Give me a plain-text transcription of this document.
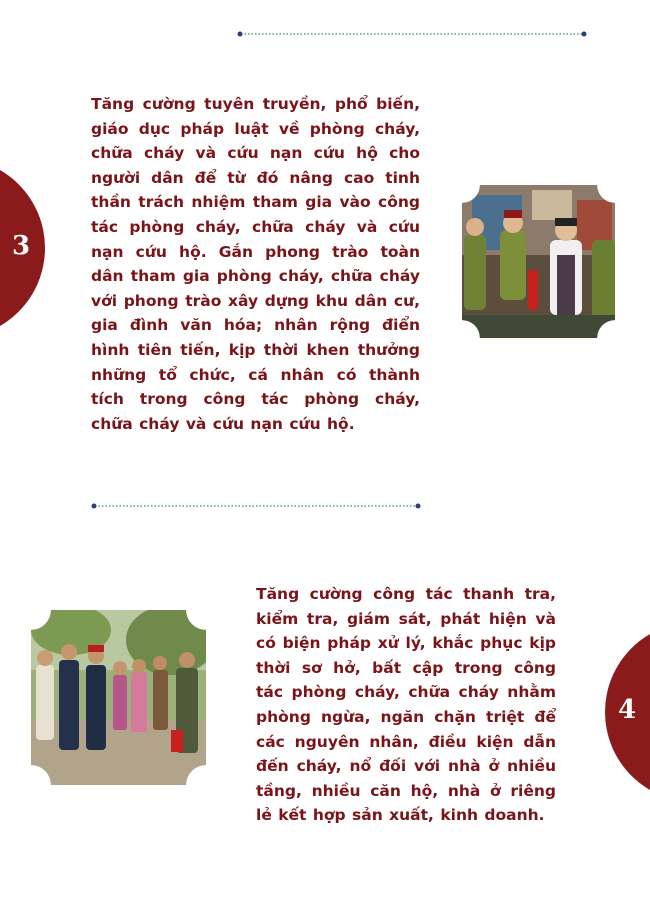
3
Tăng cường tuyên truyền, phổ biến, giáo dục pháp luật về phòng cháy, chữa cháy và cứu nạn cứu hộ cho người dân để từ đó nâng cao tinh thần trách nhiệm tham gia vào công tác phòng cháy, chữa cháy và cứu nạn cứu hộ. Gắn phong trào toàn dân tham gia phòng cháy, chữa cháy với phong trào xây dựng khu dân cư, gia đình văn hóa; nhân rộng điển hình tiên tiến, kịp thời khen thưởng những tổ chức, cá nhân có thành tích trong công tác phòng cháy, chữa cháy và cứu nạn cứu hộ.
Tăng cường công tác thanh tra, kiểm tra, giám sát, phát hiện và có biện pháp xử lý, khắc phục kịp thời sơ hở, bất cập trong công tác phòng cháy, chữa cháy nhằm phòng ngừa, ngăn chặn triệt để các nguyên nhân, điều kiện dẫn đến cháy, nổ đối với nhà ở nhiều tầng, nhiều căn hộ, nhà ở riêng lẻ kết hợp sản xuất, kinh doanh.
4
